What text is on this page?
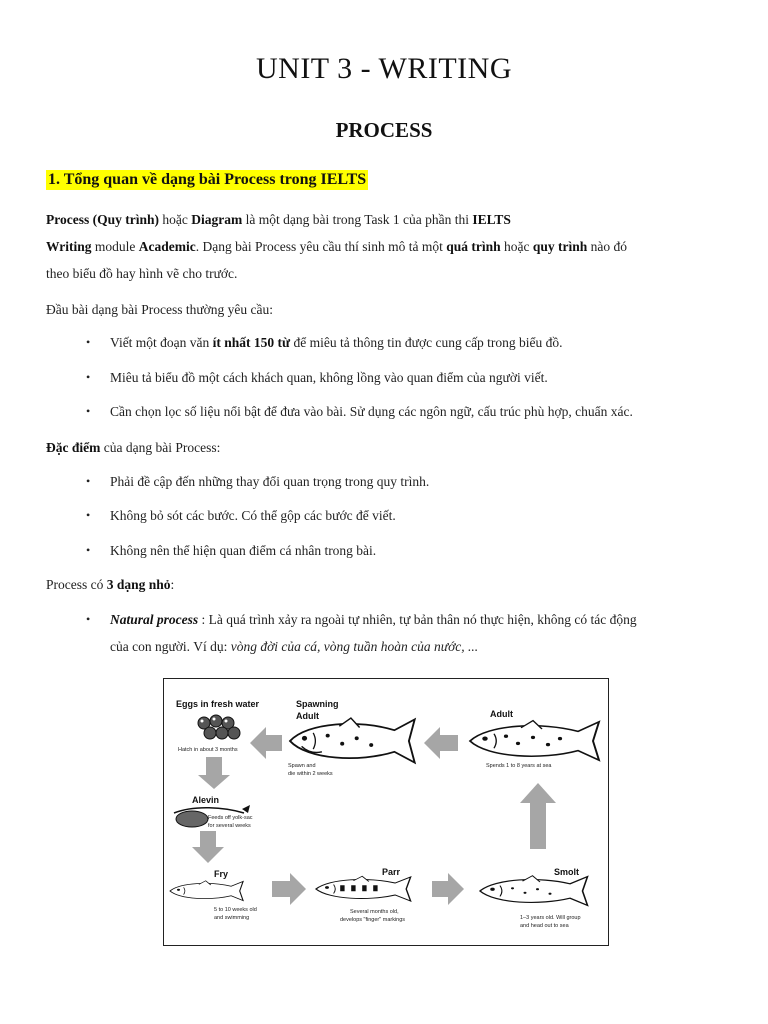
UNIT 3 - WRITING
PROCESS
1. Tổng quan về dạng bài Process trong IELTS
Process (Quy trình) hoặc Diagram là một dạng bài trong Task 1 của phần thi IELTS
Writing module Academic. Dạng bài Process yêu cầu thí sinh mô tả một quá trình hoặc quy trình nào đó
theo biểu đồ hay hình vẽ cho trước.
Đầu bài dạng bài Process thường yêu cầu:
•	Viết một đoạn văn ít nhất 150 từ để miêu tả thông tin được cung cấp trong biểu đồ.
•	Miêu tả biểu đồ một cách khách quan, không lồng vào quan điểm của người viết.
•	Cần chọn lọc số liệu nổi bật để đưa vào bài. Sử dụng các ngôn ngữ, cấu trúc phù hợp, chuẩn xác.
Đặc điểm của dạng bài Process:
•	Phải đề cập đến những thay đổi quan trọng trong quy trình.
•	Không bỏ sót các bước. Có thể gộp các bước để viết.
•	Không nên thể hiện quan điểm cá nhân trong bài.
Process có 3 dạng nhỏ:
•	Natural process : Là quá trình xảy ra ngoài tự nhiên, tự bản thân nó thực hiện, không có tác động
của con người. Ví dụ: vòng đời của cá, vòng tuần hoàn của nước, ...
Eggs in fresh water
Hatch in about 3 months
Alevin
Feeds off yolk-sac
for several weeks
Fry
5 to 10 weeks old
and swimming
Parr
Several months old,
develops "finger" markings
Smolt
1–3 years old. Will group
and head out to sea
Adult
Spends 1 to 8 years at sea
Spawning
Adult
Spawn and
die within 2 weeks
